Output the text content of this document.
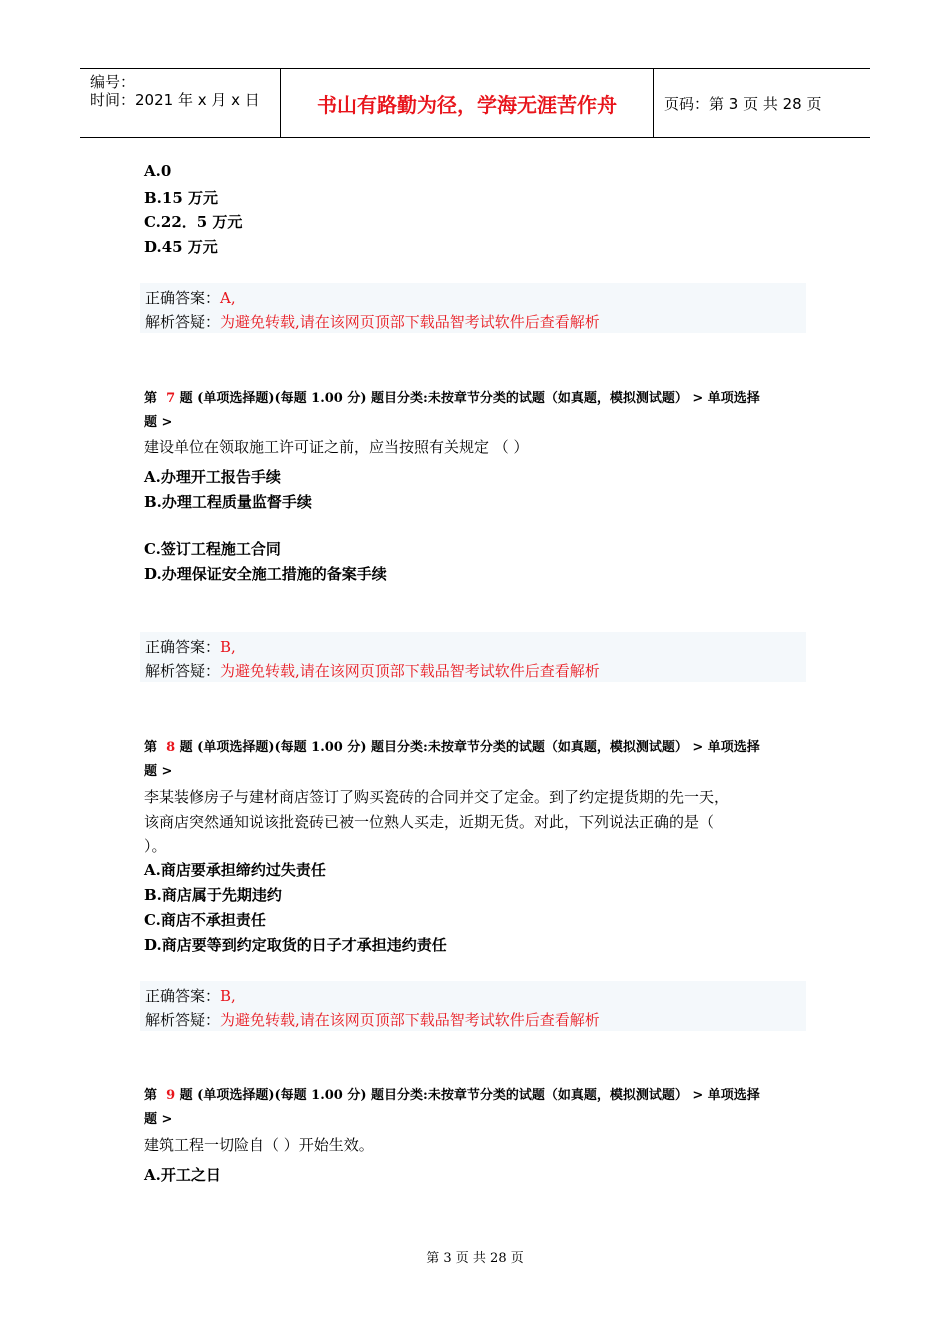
编号：
时间：2021 年 x 月 x 日	书山有路勤为径，学海无涯苦作舟	页码：第 3 页 共 28 页
A.0
B.15 万元
C.22．5 万元
D.45 万元
正确答案：A,
解析答疑：为避免转载,请在该网页顶部下载品智考试软件后查看解析
第 7 题 (单项选择题)(每题 1.00 分) 题目分类:未按章节分类的试题（如真题，模拟测试题） > 单项选择
题 >
建设单位在领取施工许可证之前，应当按照有关规定 （ ）
A.办理开工报告手续
B.办理工程质量监督手续
C.签订工程施工合同
D.办理保证安全施工措施的备案手续
正确答案：B,
解析答疑：为避免转载,请在该网页顶部下载品智考试软件后查看解析
第 8 题 (单项选择题)(每题 1.00 分) 题目分类:未按章节分类的试题（如真题，模拟测试题） > 单项选择
题 >
李某装修房子与建材商店签订了购买瓷砖的合同并交了定金。到了约定提货期的先一天，
该商店突然通知说该批瓷砖已被一位熟人买走，近期无货。对此，下列说法正确的是（
）。
A.商店要承担缔约过失责任
B.商店属于先期违约
C.商店不承担责任
D.商店要等到约定取货的日子才承担违约责任
正确答案：B,
解析答疑：为避免转载,请在该网页顶部下载品智考试软件后查看解析
第 9 题 (单项选择题)(每题 1.00 分) 题目分类:未按章节分类的试题（如真题，模拟测试题） > 单项选择
题 >
建筑工程一切险自（ ）开始生效。
A.开工之日
第 3 页 共 28 页
